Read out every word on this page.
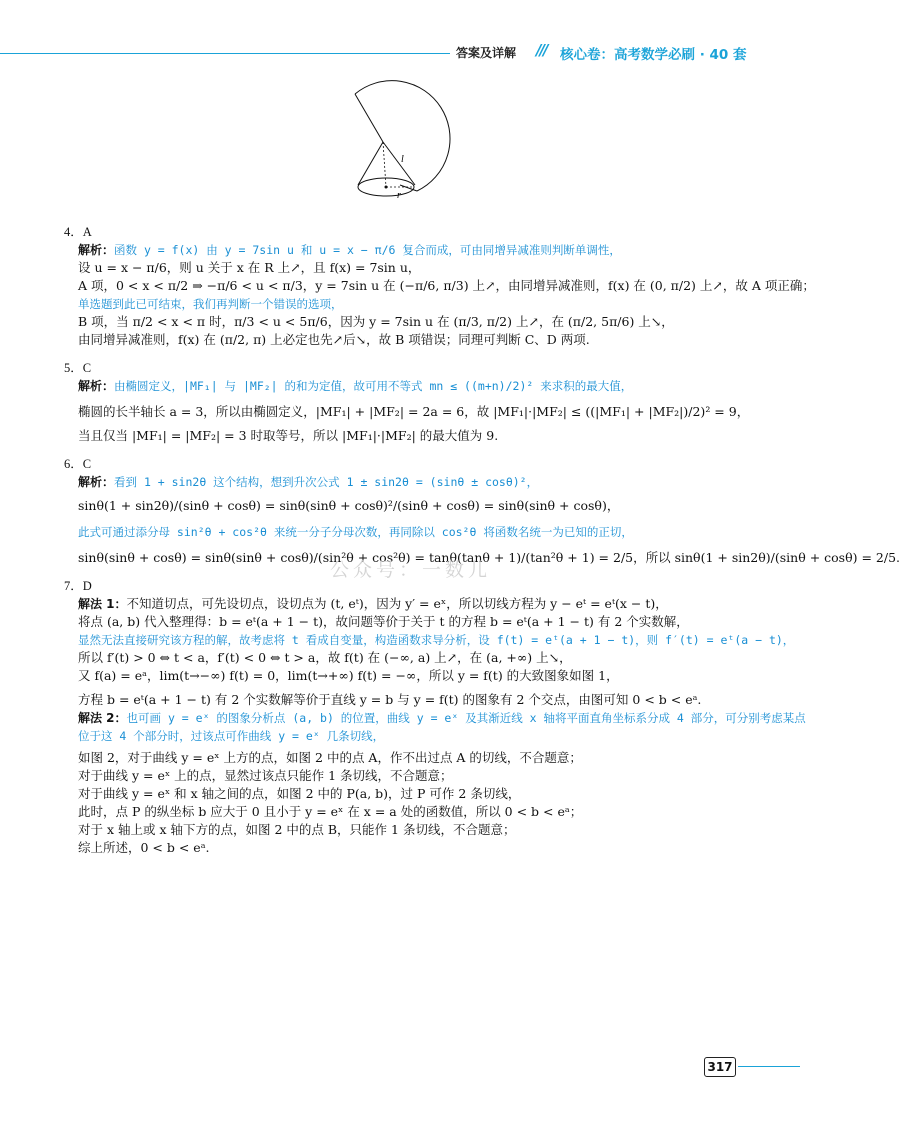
答案及详解 /// 核心卷：高考数学必刷 · 40 套
l
r
4．A
解析：函数 y = f(x) 由 y = 7sin u 和 u = x − π/6 复合而成，可由同增异减准则判断单调性，
设 u = x − π/6，则 u 关于 x 在 R 上↗，且 f(x) = 7sin u，
A 项，0 < x < π/2 ⇒ −π/6 < u < π/3，y = 7sin u 在 (−π/6, π/3) 上↗，由同增异减准则，f(x) 在 (0, π/2) 上↗，故 A 项正确；
单选题到此已可结束，我们再判断一个错误的选项，
B 项，当 π/2 < x < π 时，π/3 < u < 5π/6，因为 y = 7sin u 在 (π/3, π/2) 上↗，在 (π/2, 5π/6) 上↘，
由同增异减准则，f(x) 在 (π/2, π) 上必定也先↗后↘，故 B 项错误；同理可判断 C、D 两项.
5．C
解析：由椭圆定义，|MF₁| 与 |MF₂| 的和为定值，故可用不等式 mn ≤ ((m+n)/2)² 来求积的最大值，
椭圆的长半轴长 a = 3，所以由椭圆定义，|MF₁| + |MF₂| = 2a = 6，故 |MF₁|·|MF₂| ≤ ((|MF₁| + |MF₂|)/2)² = 9，
当且仅当 |MF₁| = |MF₂| = 3 时取等号，所以 |MF₁|·|MF₂| 的最大值为 9.
6．C
解析：看到 1 + sin2θ 这个结构，想到升次公式 1 ± sin2θ = (sinθ ± cosθ)²，
sinθ(1 + sin2θ)/(sinθ + cosθ) = sinθ(sinθ + cosθ)²/(sinθ + cosθ) = sinθ(sinθ + cosθ)，
此式可通过添分母 sin²θ + cos²θ 来统一分子分母次数，再同除以 cos²θ 将函数名统一为已知的正切，
sinθ(sinθ + cosθ) = sinθ(sinθ + cosθ)/(sin²θ + cos²θ) = tanθ(tanθ + 1)/(tan²θ + 1) = 2/5，所以 sinθ(1 + sin2θ)/(sinθ + cosθ) = 2/5.
7．D
解法 1：不知道切点，可先设切点，设切点为 (t, eᵗ)，因为 y′ = eˣ，所以切线方程为 y − eᵗ = eᵗ(x − t)，
将点 (a, b) 代入整理得：b = eᵗ(a + 1 − t)，故问题等价于关于 t 的方程 b = eᵗ(a + 1 − t) 有 2 个实数解，
显然无法直接研究该方程的解，故考虑将 t 看成自变量，构造函数求导分析，设 f(t) = eᵗ(a + 1 − t)，则 f′(t) = eᵗ(a − t)，
所以 f′(t) > 0 ⇔ t < a，f′(t) < 0 ⇔ t > a，故 f(t) 在 (−∞, a) 上↗，在 (a, +∞) 上↘，
又 f(a) = eᵃ，lim(t→−∞) f(t) = 0，lim(t→+∞) f(t) = −∞，所以 y = f(t) 的大致图象如图 1，
方程 b = eᵗ(a + 1 − t) 有 2 个实数解等价于直线 y = b 与 y = f(t) 的图象有 2 个交点，由图可知 0 < b < eᵃ.
解法 2：也可画 y = eˣ 的图象分析点 (a, b) 的位置，曲线 y = eˣ 及其渐近线 x 轴将平面直角坐标系分成 4 部分，可分别考虑某点
位于这 4 个部分时，过该点可作曲线 y = eˣ 几条切线，
如图 2，对于曲线 y = eˣ 上方的点，如图 2 中的点 A，作不出过点 A 的切线，不合题意；
对于曲线 y = eˣ 上的点，显然过该点只能作 1 条切线，不合题意；
对于曲线 y = eˣ 和 x 轴之间的点，如图 2 中的 P(a, b)，过 P 可作 2 条切线，
此时，点 P 的纵坐标 b 应大于 0 且小于 y = eˣ 在 x = a 处的函数值，所以 0 < b < eᵃ；
对于 x 轴上或 x 轴下方的点，如图 2 中的点 B，只能作 1 条切线，不合题意；
综上所述，0 < b < eᵃ.
公众号：一数儿
317
